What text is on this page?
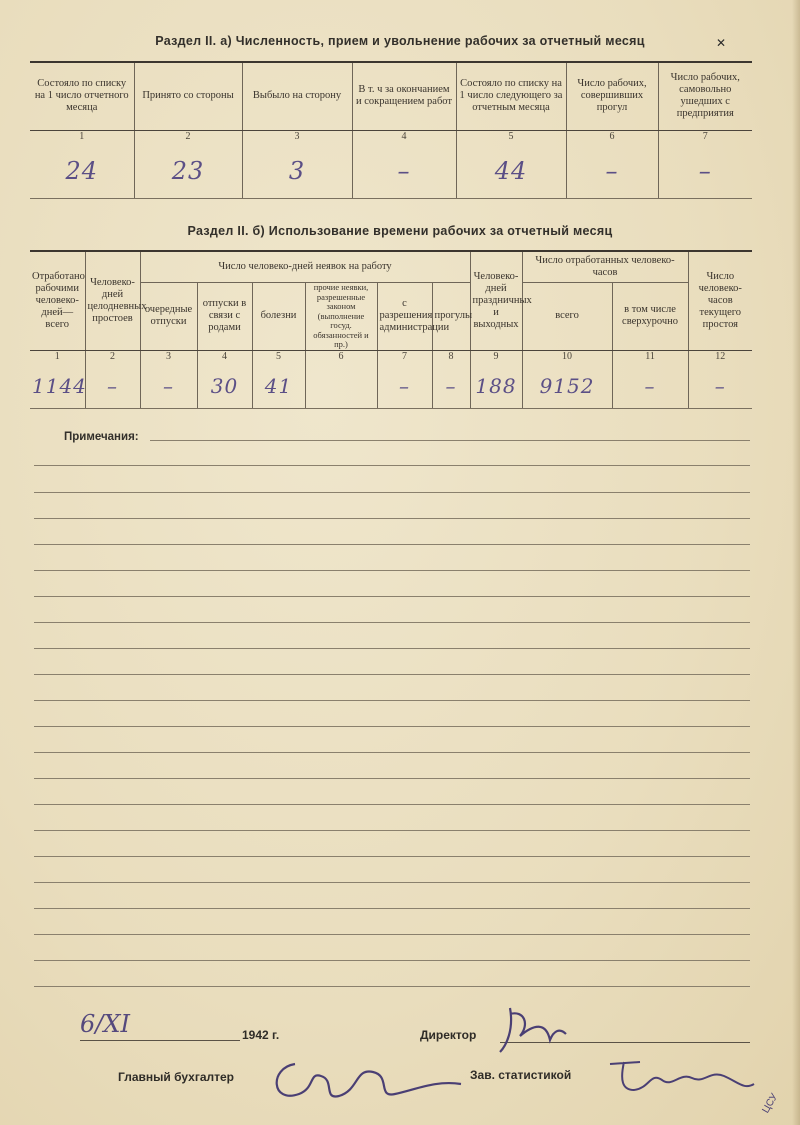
Раздел II. а) Численность, прием и увольнение рабочих за отчетный месяц	✕
Состояло по списку на 1 число отчетного месяца	Принято со стороны	Выбыло на сторону	В т. ч за окончанием и сокращением работ	Состояло по списку на 1 число следующего за отчетным месяца	Число рабочих, совершивших прогул	Число рабочих, самовольно ушедших с предприятия
1	2	3	4	5	6	7
24	23	3	–	44	–	–
Раздел II. б) Использование времени рабочих за отчетный месяц
Отработано рабочими человеко-дней—всего	Человеко-дней целодневных простоев	Число человеко-дней неявок на работу						Человеко-дней праздничных и выходных	Число отработанных человеко-часов		Число человеко-часов текущего простоя
		очередные отпуски	отпуски в связи с родами	болезни	прочие неявки, разрешенные законом (выполнение госуд. обязанностей и пр.)	с разрешения администрации	прогулы		всего	в том числе сверхурочно	
1	2	3	4	5	6	7	8	9	10	11	12
1144	–	–	30	41		–	–	188	9152	–	–
Примечания:
6/XI	1942 г.	Директор
Главный бухгалтер	Зав. статистикой
ЦСУ
